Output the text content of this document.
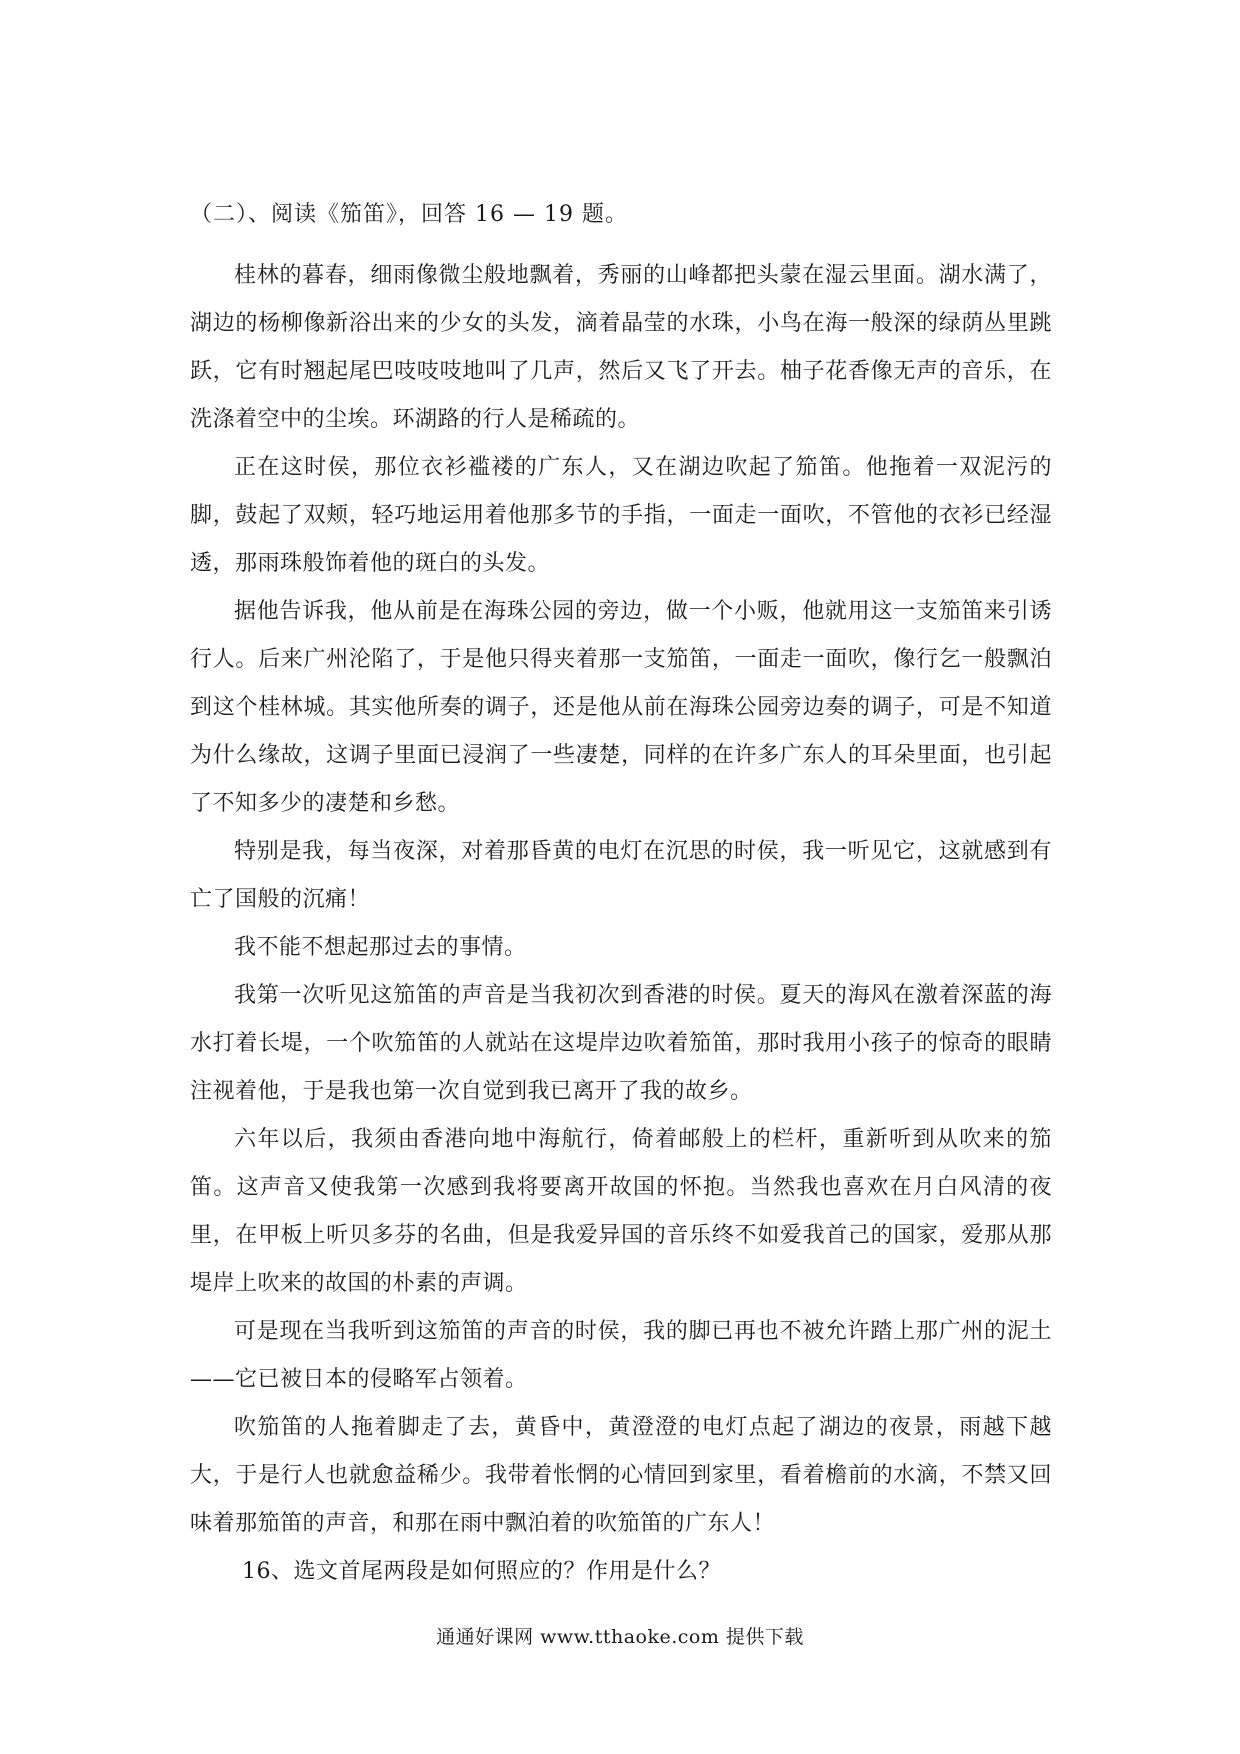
（二）、阅读《笳笛》，回答 16 — 19 题。

桂林的暮春，细雨像微尘般地飘着，秀丽的山峰都把头蒙在湿云里面。湖水满了，湖边的杨柳像新浴出来的少女的头发，滴着晶莹的水珠，小鸟在海一般深的绿荫丛里跳跃，它有时翘起尾巴吱吱吱地叫了几声，然后又飞了开去。柚子花香像无声的音乐，在洗涤着空中的尘埃。环湖路的行人是稀疏的。

正在这时侯，那位衣衫褴褛的广东人，又在湖边吹起了笳笛。他拖着一双泥污的脚，鼓起了双颊，轻巧地运用着他那多节的手指，一面走一面吹，不管他的衣衫已经湿透，那雨珠般饰着他的斑白的头发。

据他告诉我，他从前是在海珠公园的旁边，做一个小贩，他就用这一支笳笛来引诱行人。后来广州沦陷了，于是他只得夹着那一支笳笛，一面走一面吹，像行乞一般飘泊到这个桂林城。其实他所奏的调子，还是他从前在海珠公园旁边奏的调子，可是不知道为什么缘故，这调子里面已浸润了一些凄楚，同样的在许多广东人的耳朵里面，也引起了不知多少的凄楚和乡愁。

特别是我，每当夜深，对着那昏黄的电灯在沉思的时侯，我一听见它，这就感到有亡了国般的沉痛！

我不能不想起那过去的事情。

我第一次听见这笳笛的声音是当我初次到香港的时侯。夏天的海风在激着深蓝的海水打着长堤，一个吹笳笛的人就站在这堤岸边吹着笳笛，那时我用小孩子的惊奇的眼睛注视着他，于是我也第一次自觉到我已离开了我的故乡。

六年以后，我须由香港向地中海航行，倚着邮般上的栏杆，重新听到从吹来的笳笛。这声音又使我第一次感到我将要离开故国的怀抱。当然我也喜欢在月白风清的夜里，在甲板上听贝多芬的名曲，但是我爱异国的音乐终不如爱我首己的国家，爱那从那堤岸上吹来的故国的朴素的声调。

可是现在当我听到这笳笛的声音的时侯，我的脚已再也不被允许踏上那广州的泥土——它已被日本的侵略军占领着。

吹笳笛的人拖着脚走了去，黄昏中，黄澄澄的电灯点起了湖边的夜景，雨越下越大，于是行人也就愈益稀少。我带着怅惘的心情回到家里，看着檐前的水滴，不禁又回味着那笳笛的声音，和那在雨中飘泊着的吹笳笛的广东人！

16、选文首尾两段是如何照应的？作用是什么？

通通好课网 www.tthaoke.com 提供下载
